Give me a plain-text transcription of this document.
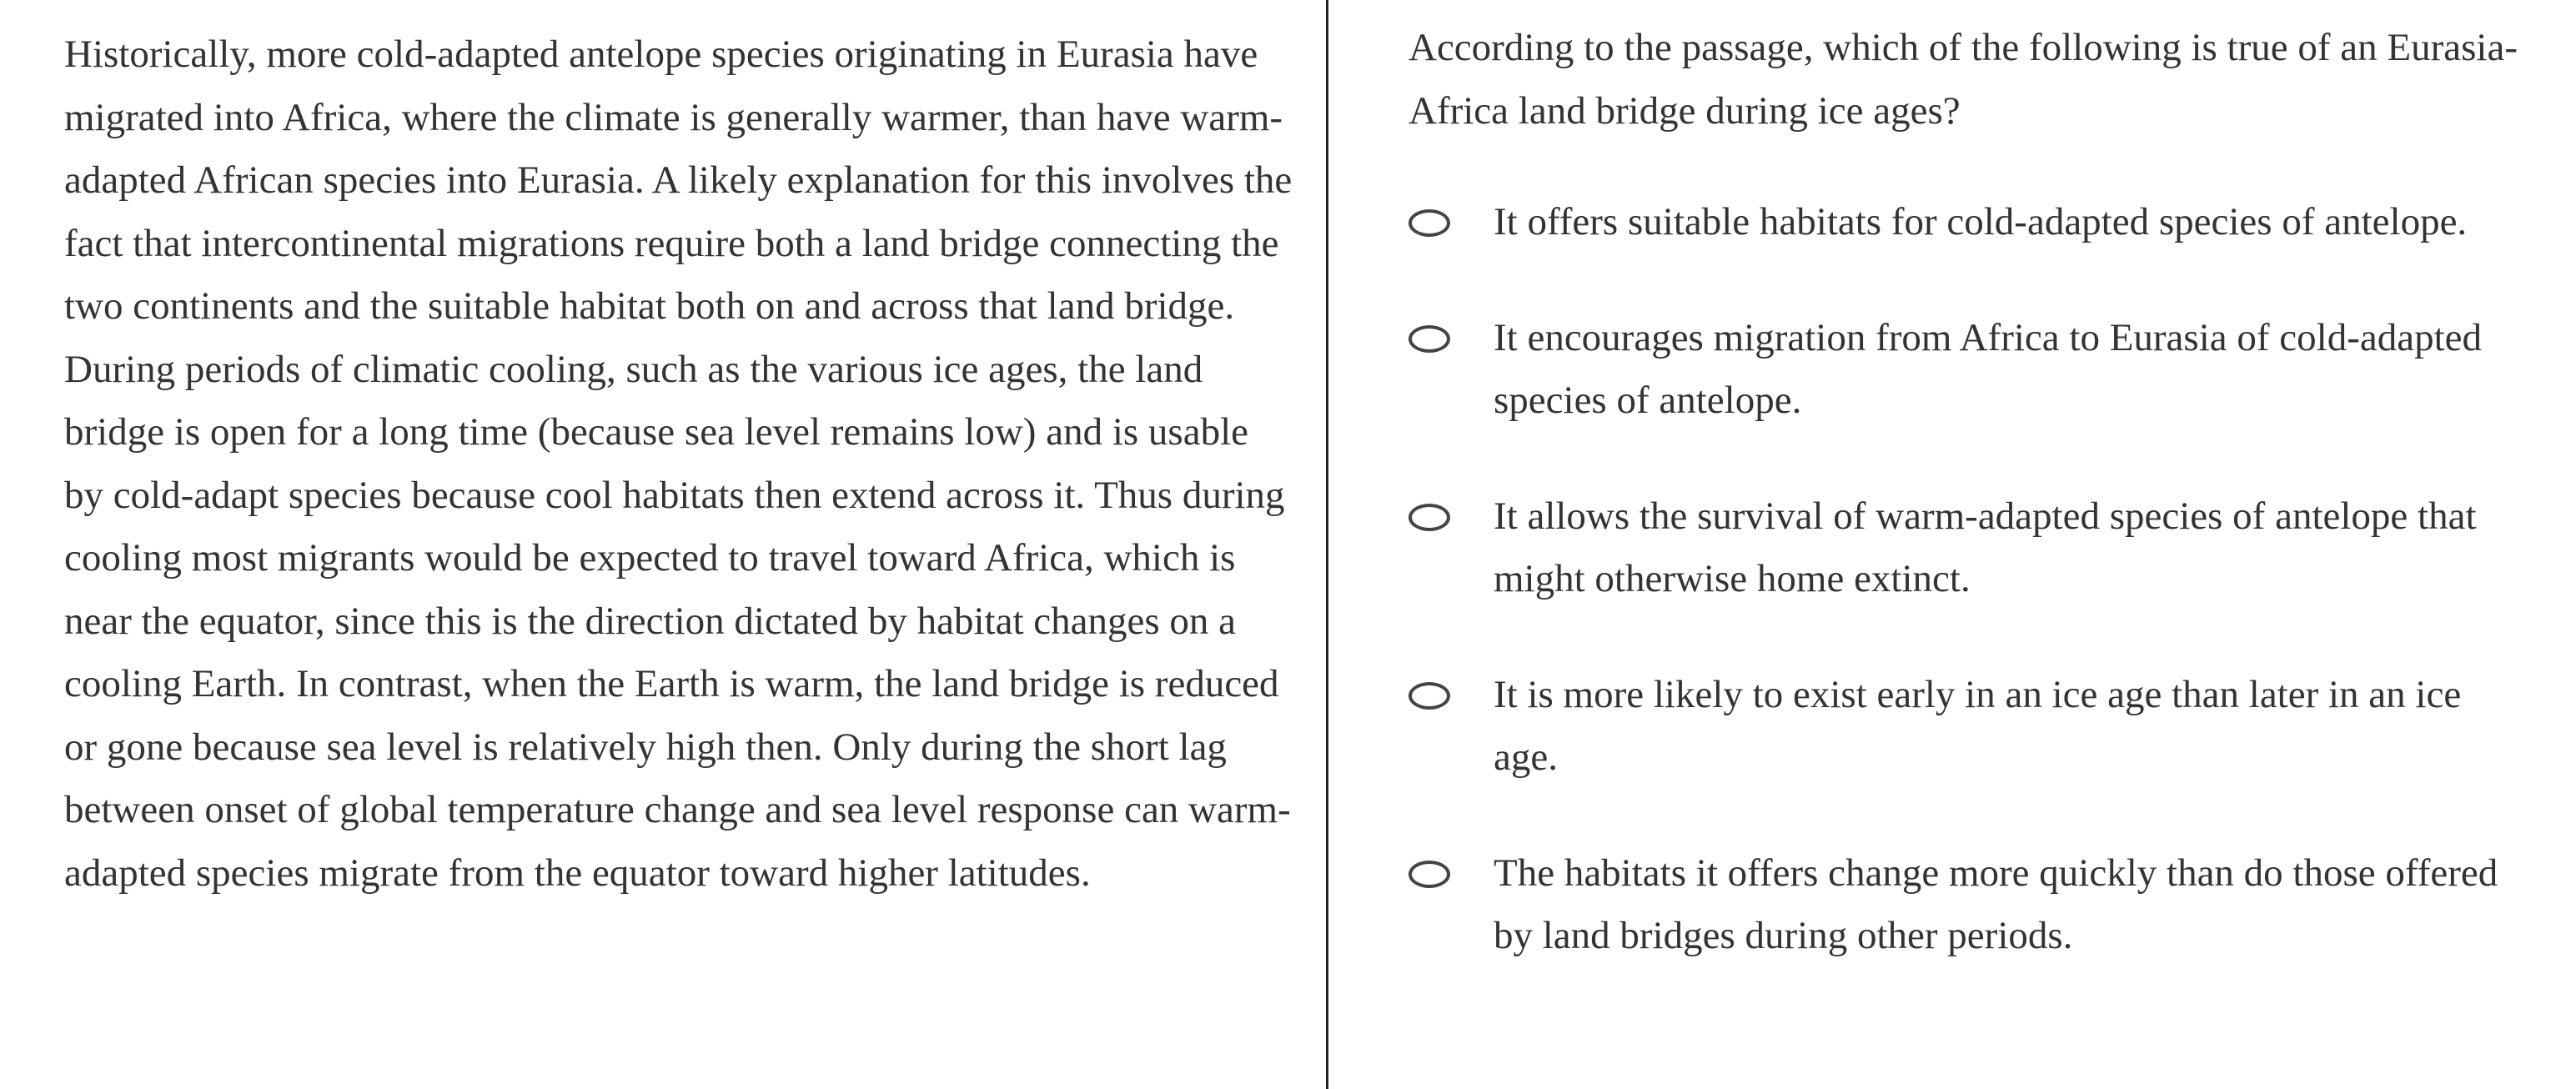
Historically, more cold-adapted antelope species originating in Eurasia have migrated into Africa, where the climate is generally warmer, than have warm-adapted African species into Eurasia. A likely explanation for this involves the fact that intercontinental migrations require both a land bridge connecting the two continents and the suitable habitat both on and across that land bridge. During periods of climatic cooling, such as the various ice ages, the land bridge is open for a long time (because sea level remains low) and is usable by cold-adapt species because cool habitats then extend across it. Thus during cooling most migrants would be expected to travel toward Africa, which is near the equator, since this is the direction dictated by habitat changes on a cooling Earth. In contrast, when the Earth is warm, the land bridge is reduced or gone because sea level is relatively high then. Only during the short lag between onset of global temperature change and sea level response can warm-adapted species migrate from the equator toward higher latitudes.

According to the passage, which of the following is true of an Eurasia-Africa land bridge during ice ages?

It offers suitable habitats for cold-adapted species of antelope.
It encourages migration from Africa to Eurasia of cold-adapted species of antelope.
It allows the survival of warm-adapted species of antelope that might otherwise home extinct.
It is more likely to exist early in an ice age than later in an ice age.
The habitats it offers change more quickly than do those offered by land bridges during other periods.
